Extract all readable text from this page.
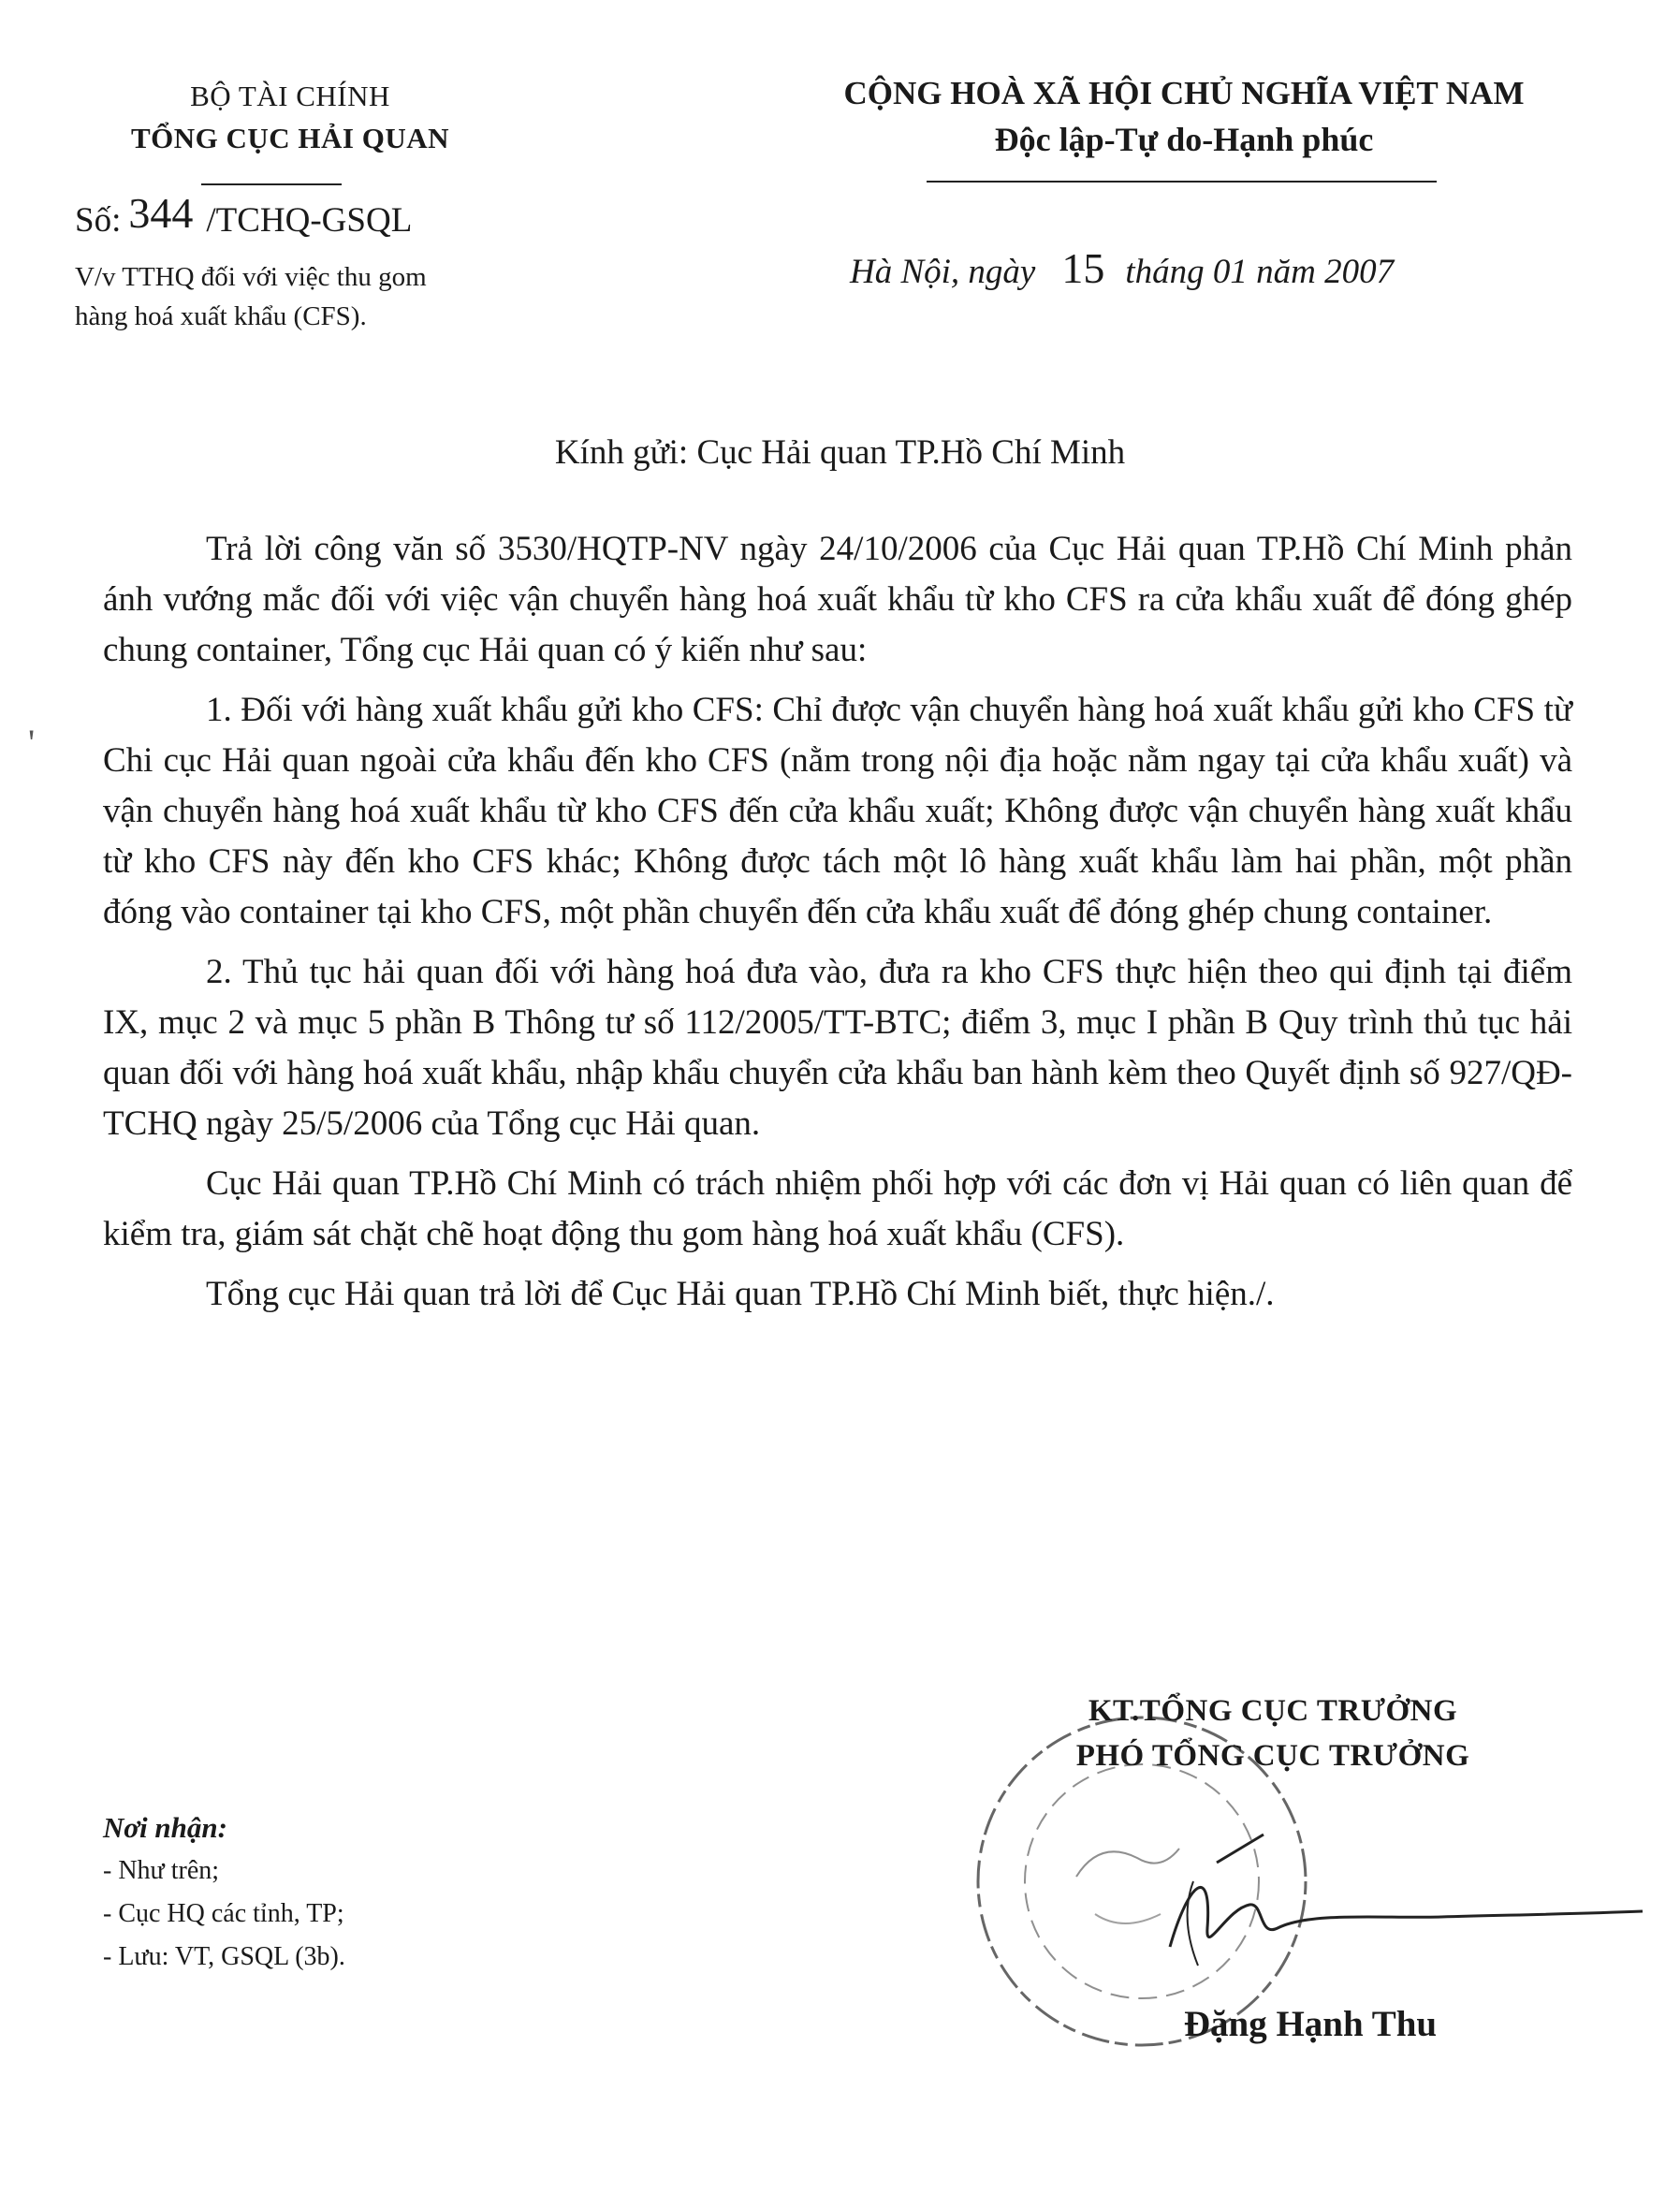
BỘ TÀI CHÍNH
TỔNG CỤC HẢI QUAN
CỘNG HOÀ XÃ HỘI CHỦ NGHĨA VIỆT NAM
Độc lập-Tự do-Hạnh phúc
Số: 344 /TCHQ-GSQL
V/v TTHQ đối với việc thu gom
hàng hoá xuất khẩu (CFS).
Hà Nội, ngày 15 tháng 01 năm 2007
Kính gửi: Cục Hải quan TP.Hồ Chí Minh

Trả lời công văn số 3530/HQTP-NV ngày 24/10/2006 của Cục Hải quan TP.Hồ Chí Minh phản ánh vướng mắc đối với việc vận chuyển hàng hoá xuất khẩu từ kho CFS ra cửa khẩu xuất để đóng ghép chung container, Tổng cục Hải quan có ý kiến như sau:

1. Đối với hàng xuất khẩu gửi kho CFS: Chỉ được vận chuyển hàng hoá xuất khẩu gửi kho CFS từ Chi cục Hải quan ngoài cửa khẩu đến kho CFS (nằm trong nội địa hoặc nằm ngay tại cửa khẩu xuất) và vận chuyển hàng hoá xuất khẩu từ kho CFS đến cửa khẩu xuất; Không được vận chuyển hàng xuất khẩu từ kho CFS này đến kho CFS khác; Không được tách một lô hàng xuất khẩu làm hai phần, một phần đóng vào container tại kho CFS, một phần chuyển đến cửa khẩu xuất để đóng ghép chung container.

2. Thủ tục hải quan đối với hàng hoá đưa vào, đưa ra kho CFS thực hiện theo qui định tại điểm IX, mục 2 và mục 5 phần B Thông tư số 112/2005/TT-BTC; điểm 3, mục I phần B Quy trình thủ tục hải quan đối với hàng hoá xuất khẩu, nhập khẩu chuyển cửa khẩu ban hành kèm theo Quyết định số 927/QĐ-TCHQ ngày 25/5/2006 của Tổng cục Hải quan.

Cục Hải quan TP.Hồ Chí Minh có trách nhiệm phối hợp với các đơn vị Hải quan có liên quan để kiểm tra, giám sát chặt chẽ hoạt động thu gom hàng hoá xuất khẩu (CFS).

Tổng cục Hải quan trả lời để Cục Hải quan TP.Hồ Chí Minh biết, thực hiện./.

KT.TỔNG CỤC TRƯỞNG
PHÓ TỔNG CỤC TRƯỞNG
Đặng Hạnh Thu
Nơi nhận:
- Như trên;
- Cục HQ các tỉnh, TP;
- Lưu: VT, GSQL (3b).
'
